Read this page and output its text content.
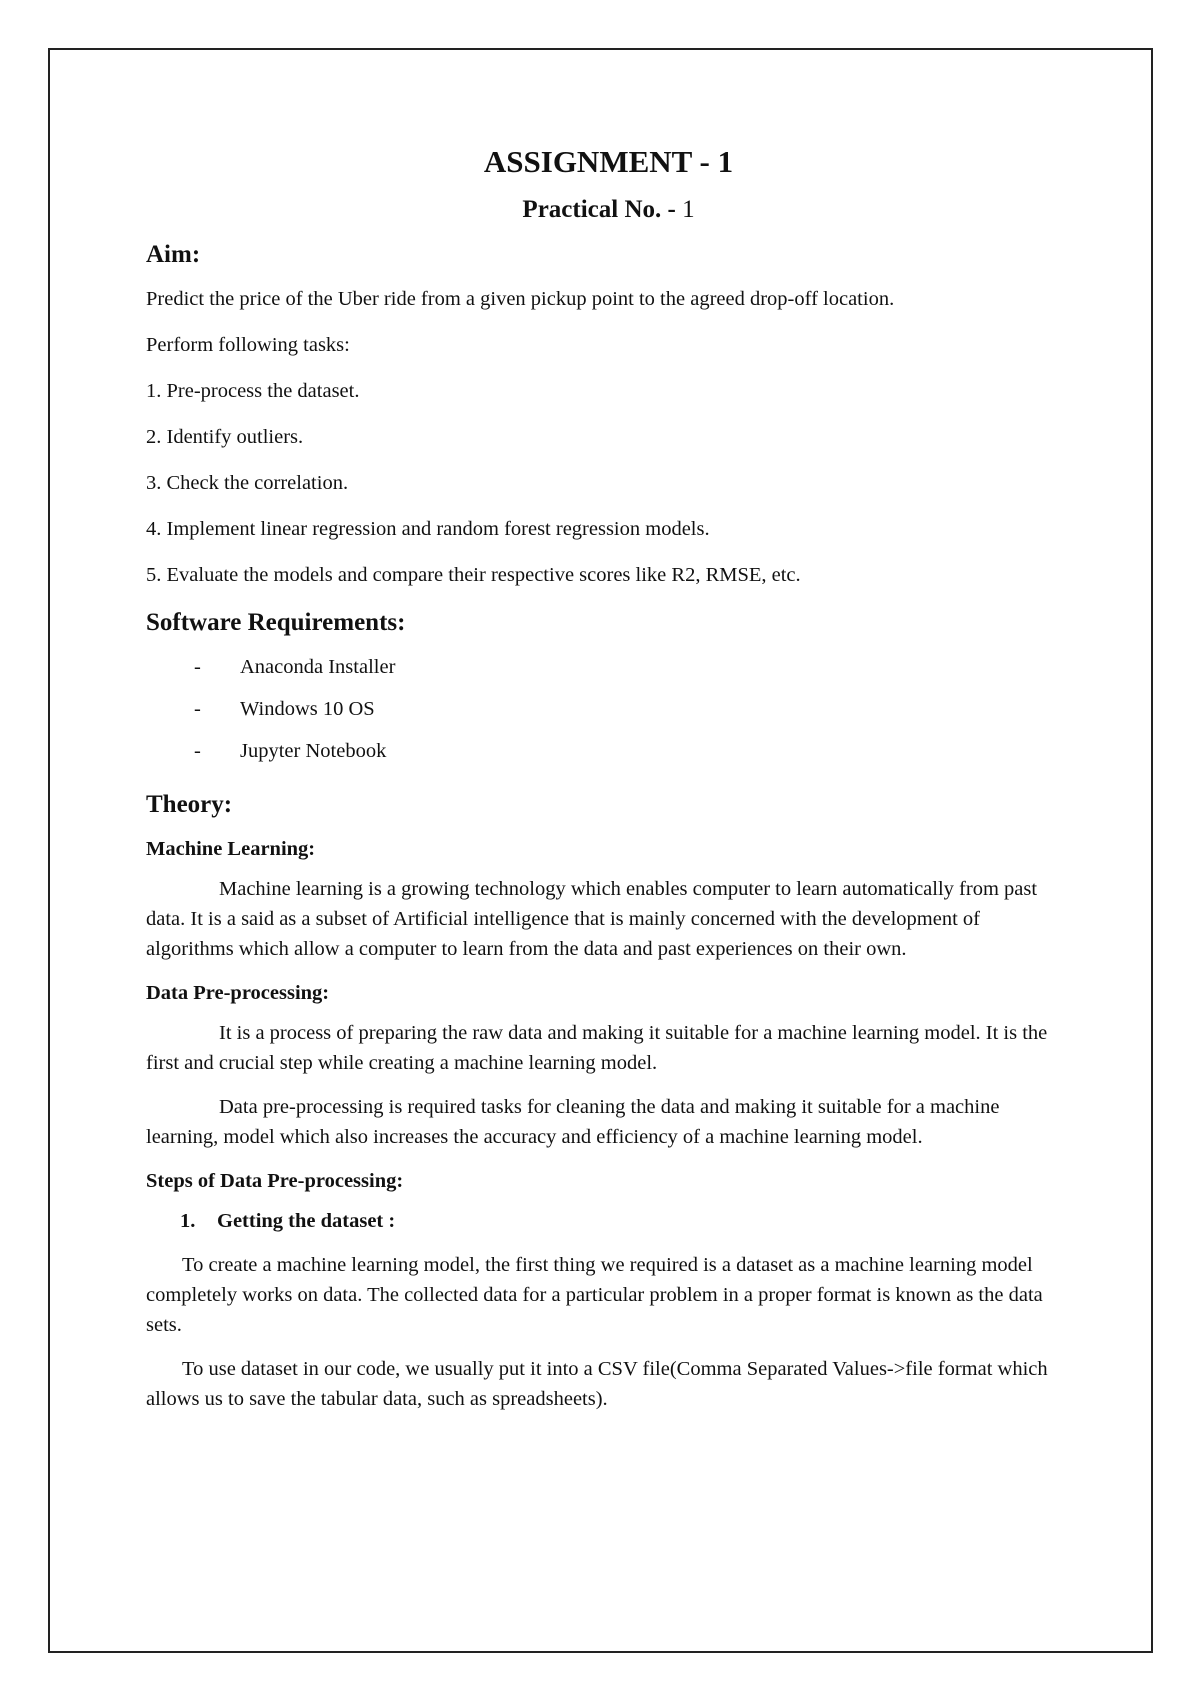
ASSIGNMENT - 1
Practical No. - 1
Aim:

Predict the price of the Uber ride from a given pickup point to the agreed drop-off location.

Perform following tasks:

1. Pre-process the dataset.

2. Identify outliers.

3. Check the correlation.

4. Implement linear regression and random forest regression models.

5. Evaluate the models and compare their respective scores like R2, RMSE, etc.

Software Requirements:
-	Anaconda Installer
-	Windows 10 OS
-	Jupyter Notebook
Theory:
Machine Learning:

Machine learning is a growing technology which enables computer to learn automatically from past data. It is a said as a subset of Artificial intelligence that is mainly concerned with the development of algorithms which allow a computer to learn from the data and past experiences on their own.

Data Pre-processing:

It is a process of preparing the raw data and making it suitable for a machine learning model. It is the first and crucial step while creating a machine learning model.

Data pre-processing is required tasks for cleaning the data and making it suitable for a machine learning, model which also increases the accuracy and efficiency of a machine learning model.

Steps of Data Pre-processing:
1. Getting the dataset :

To create a machine learning model, the first thing we required is a dataset as a machine learning model completely works on data. The collected data for a particular problem in a proper format is known as the data sets.

To use dataset in our code, we usually put it into a CSV file(Comma Separated Values->file format which allows us to save the tabular data, such as spreadsheets).
